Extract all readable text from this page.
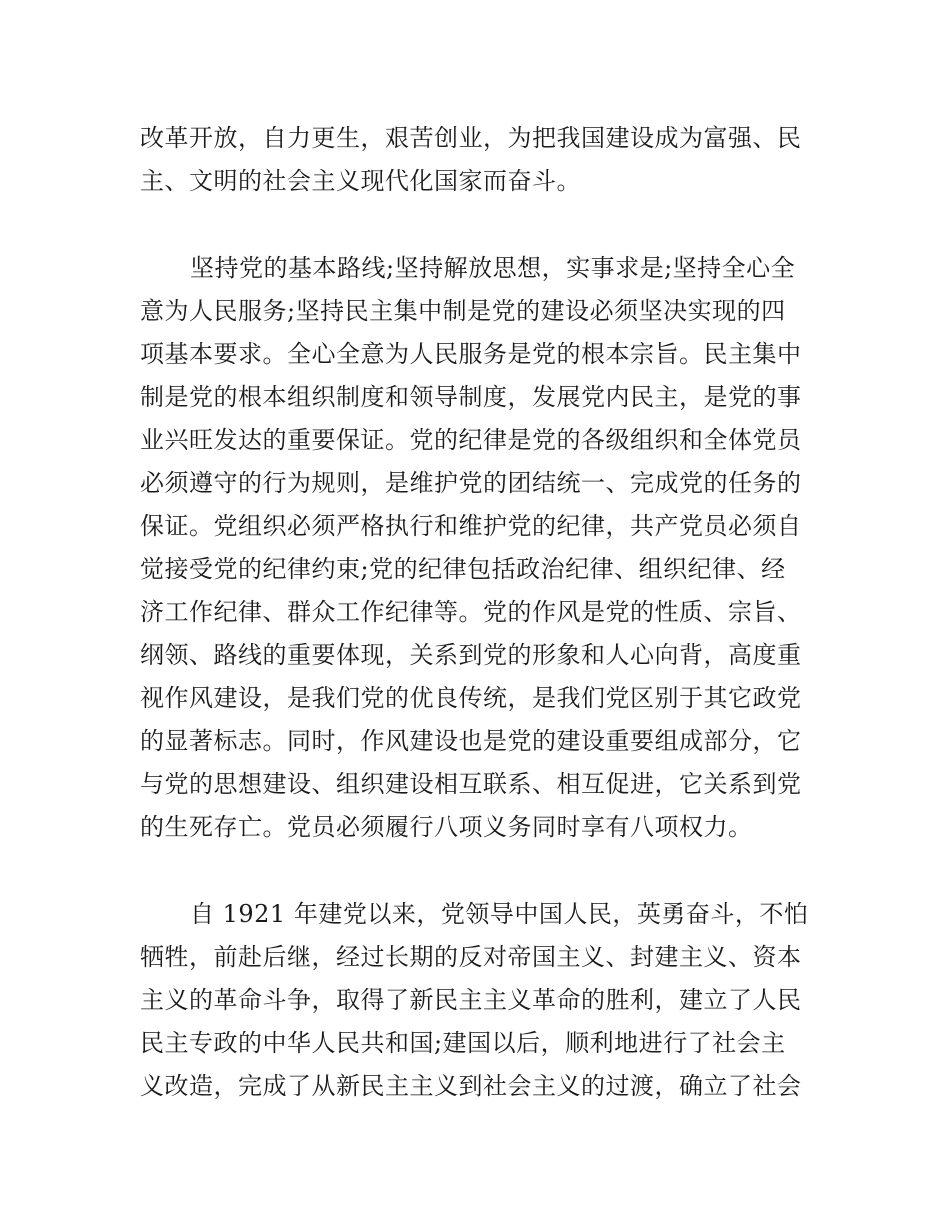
改革开放，自力更生，艰苦创业，为把我国建设成为富强、民
主、文明的社会主义现代化国家而奋斗。
坚持党的基本路线;坚持解放思想，实事求是;坚持全心全
意为人民服务;坚持民主集中制是党的建设必须坚决实现的四
项基本要求。全心全意为人民服务是党的根本宗旨。民主集中
制是党的根本组织制度和领导制度，发展党内民主，是党的事
业兴旺发达的重要保证。党的纪律是党的各级组织和全体党员
必须遵守的行为规则，是维护党的团结统一、完成党的任务的
保证。党组织必须严格执行和维护党的纪律，共产党员必须自
觉接受党的纪律约束;党的纪律包括政治纪律、组织纪律、经
济工作纪律、群众工作纪律等。党的作风是党的性质、宗旨、
纲领、路线的重要体现，关系到党的形象和人心向背，高度重
视作风建设，是我们党的优良传统，是我们党区别于其它政党
的显著标志。同时，作风建设也是党的建设重要组成部分，它
与党的思想建设、组织建设相互联系、相互促进，它关系到党
的生死存亡。党员必须履行八项义务同时享有八项权力。
自 1921 年建党以来，党领导中国人民，英勇奋斗，不怕
牺牲，前赴后继，经过长期的反对帝国主义、封建主义、资本
主义的革命斗争，取得了新民主主义革命的胜利，建立了人民
民主专政的中华人民共和国;建国以后，顺利地进行了社会主
义改造，完成了从新民主主义到社会主义的过渡，确立了社会
